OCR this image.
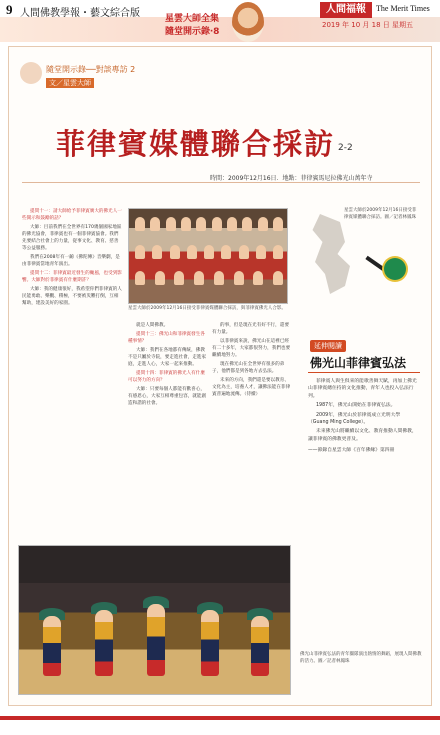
9 人間佛教學報・藝文綜合版	星雲大師全集
隨堂開示錄‧8
人間福報	The Merit Times
2019 年 10 月 18 日 星期五
隨堂開示錄──對談專訪 2
文／星雲大師
菲律賓媒體聯合採訪 2-2
時間：2009年12月16日．地點：菲律賓馬尼拉佛光山萬年寺

提問十一：請大師給予菲律賓廣大的佛光人一些開示和鼓勵的話？

大師：目前我們在全世界有170幾個國家地區的佛光協會，菲律賓也有一個菲律賓協會。我們先要結合社會上的力量，從事文化、教育、慈善等公益服務。

我們在2008年有一齣《佛陀傳》音樂劇，是由菲律賓當地青年演出。

提問十二：菲律賓最近發生的颱風，也受到影響。大師對於菲律賓有什麼期許？

大師：我的健康很好，我希望你們菲律賓的人民能勇敢、樂觀、積極，不要被災難打倒，互相幫助，建設美好的家園。

星雲大師於2009年12月16日接受菲律賓媒體聯合採訪，與菲律賓佛光人合影。

就是人間佛教。

提問十三：佛光山和菲律賓發生各種事情？

大師：我們在各地都有傳統，佛教不是只屬於寺院，要走進社會，走進家庭，走進人心，大家一起來推動。

提問十四：菲律賓的佛光人有什麼可以努力的方向？

大師：只要每個人都能有歡喜心，有感恩心，大家互相尊重包容，就能創造和諧的社會。

的事，但是現在光有好不行，還要有力量。

以菲律賓來說，佛光山在這裡已經有二十多年，大家都很努力，我們也要繼續地努力。

現在佛光山在全世界有很多的弟子，他們都是到各地方去弘法。

未來的方向，我們還是要以教育、文化為主，培養人才，讓佛法能在菲律賓普遍地流傳。（待續）

星雲大師於2009年12月16日接受菲律賓媒體聯合採訪。圖／記者林鳳珠
延伸閱讀
佛光山菲律賓弘法

菲律賓人與生俱來的能歌善舞天賦，再加上佛光山菲律賓總住持的文化推動，青年人也投入弘法行列。

1987年，佛光山開始在菲律賓弘法。

2009年，佛光山於菲律賓成立光明大學（Guang Ming College）。

未來佛光山將繼續以文化、教育推動人間佛教，讓菲律賓的佛教更普及。

——節錄自星雲大師《百年佛緣》第四冊

佛光山菲律賓弘法的青年團隊演出熱情的舞蹈，展現人間佛教的活力。圖／記者林鳳珠
